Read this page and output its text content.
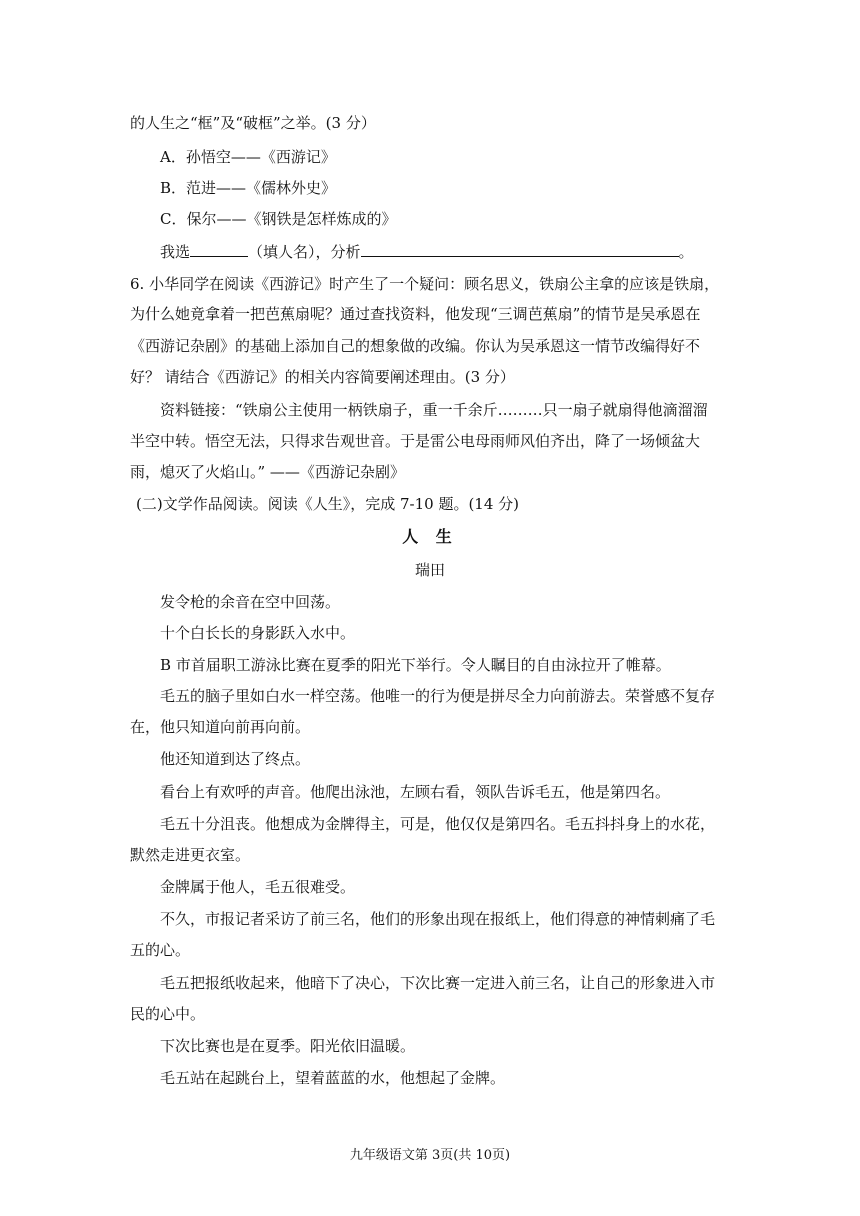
的人生之“框”及“破框”之举。(3 分）
A．孙悟空——《西游记》
B．范进——《儒林外史》
C．保尔——《钢铁是怎样炼成的》
我选	（填人名），分析	。
6. 小华同学在阅读《西游记》时产生了一个疑问：顾名思义，铁扇公主拿的应该是铁扇，
为什么她竟拿着一把芭蕉扇呢？通过查找资料，他发现“三调芭蕉扇”的情节是吴承恩在
《西游记杂剧》的基础上添加自己的想象做的改编。你认为吴承恩这一情节改编得好不
好？ 请结合《西游记》的相关内容简要阐述理由。(3 分）
资料链接：“铁扇公主使用一柄铁扇子，重一千余斤………只一扇子就扇得他滴溜溜
半空中转。悟空无法，只得求告观世音。于是雷公电母雨师风伯齐出，降了一场倾盆大
雨，熄灭了火焰山。” ——《西游记杂剧》
(二)文学作品阅读。阅读《人生》，完成 7-10 题。(14 分)
人 生
瑞田
发令枪的余音在空中回荡。
十个白长长的身影跃入水中。
B 市首届职工游泳比赛在夏季的阳光下举行。令人瞩目的自由泳拉开了帷幕。
毛五的脑子里如白水一样空荡。他唯一的行为便是拼尽全力向前游去。荣誉感不复存
在，他只知道向前再向前。
他还知道到达了终点。
看台上有欢呼的声音。他爬出泳池，左顾右看，领队告诉毛五，他是第四名。
毛五十分沮丧。他想成为金牌得主，可是，他仅仅是第四名。毛五抖抖身上的水花，
默然走进更衣室。
金牌属于他人，毛五很难受。
不久，市报记者采访了前三名，他们的形象出现在报纸上，他们得意的神情刺痛了毛
五的心。
毛五把报纸收起来，他暗下了决心，下次比赛一定进入前三名，让自己的形象进入市
民的心中。
下次比赛也是在夏季。阳光依旧温暖。
毛五站在起跳台上，望着蓝蓝的水，他想起了金牌。
九年级语文第 3页(共 10页)
